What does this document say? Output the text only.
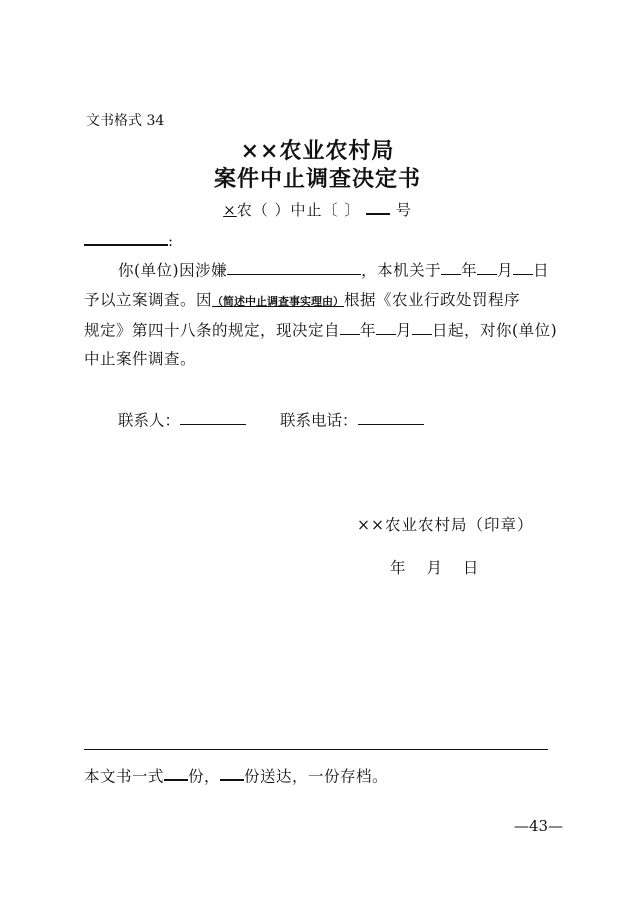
文书格式 34
××农业农村局
案件中止调查决定书
×农（ ）中止〔 〕 号
:
你(单位)因涉嫌	，本机关于 年 月 日
予以立案调查。因（简述中止调查事实理由）根据《农业行政处罚程序
规定》第四十八条的规定，现决定自 年 月 日起，对你(单位)
中止案件调查。
联系人：	联系电话：
××农业农村局（印章）
年 月 日
本文书一式 份， 份送达，一份存档。
—43—
